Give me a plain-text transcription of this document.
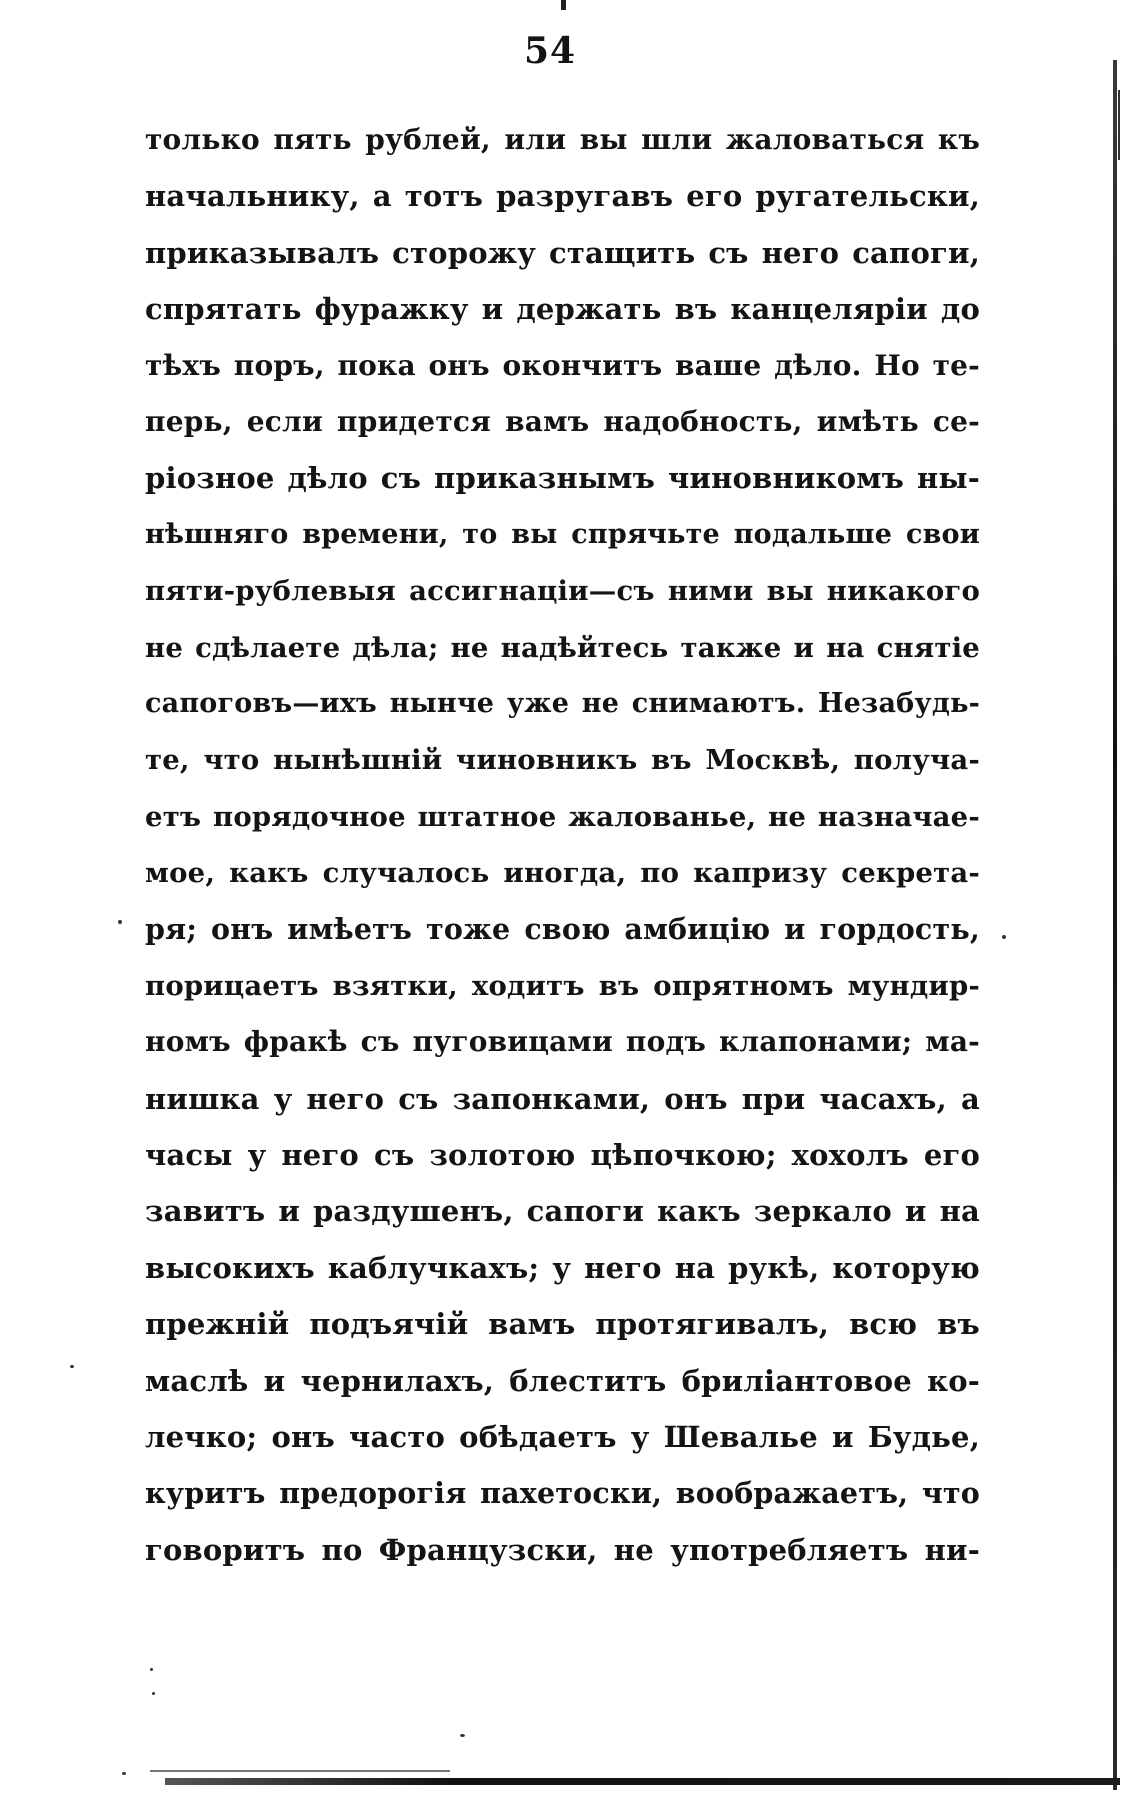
54
только пять рублей, или вы шли жаловаться къ
начальнику, а тотъ разругавъ его ругательски,
приказывалъ сторожу стащить съ него сапоги,
спрятать фуражку и держать въ канцеляріи до
тѣхъ поръ, пока онъ окончитъ ваше дѣло. Но те-
перь, если придется вамъ надобность, имѣть се-
ріозное дѣло съ приказнымъ чиновникомъ ны-
нѣшняго времени, то вы спрячьте подальше свои
пяти-рублевыя ассигнаціи—съ ними вы никакого
не сдѣлаете дѣла; не надѣйтесь также и на снятіе
сапоговъ—ихъ нынче уже не снимаютъ. Незабудь-
те, что нынѣшній чиновникъ въ Москвѣ, получа-
етъ порядочное штатное жалованье, не назначае-
мое, какъ случалось иногда, по капризу секрета-
ря; онъ имѣетъ тоже свою амбицію и гордость,
порицаетъ взятки, ходитъ въ опрятномъ мундир-
номъ фракѣ съ пуговицами подъ клапонами; ма-
нишка у него съ запонками, онъ при часахъ, а
часы у него съ золотою цѣпочкою; хохолъ его
завитъ и раздушенъ, сапоги какъ зеркало и на
высокихъ каблучкахъ; у него на рукѣ, которую
прежній подъячій вамъ протягивалъ, всю въ
маслѣ и чернилахъ, блеститъ бриліантовое ко-
лечко; онъ часто обѣдаетъ у Шевалье и Будье,
куритъ предорогія пахетоски, воображаетъ, что
говоритъ по Французски, не употребляетъ ни-
